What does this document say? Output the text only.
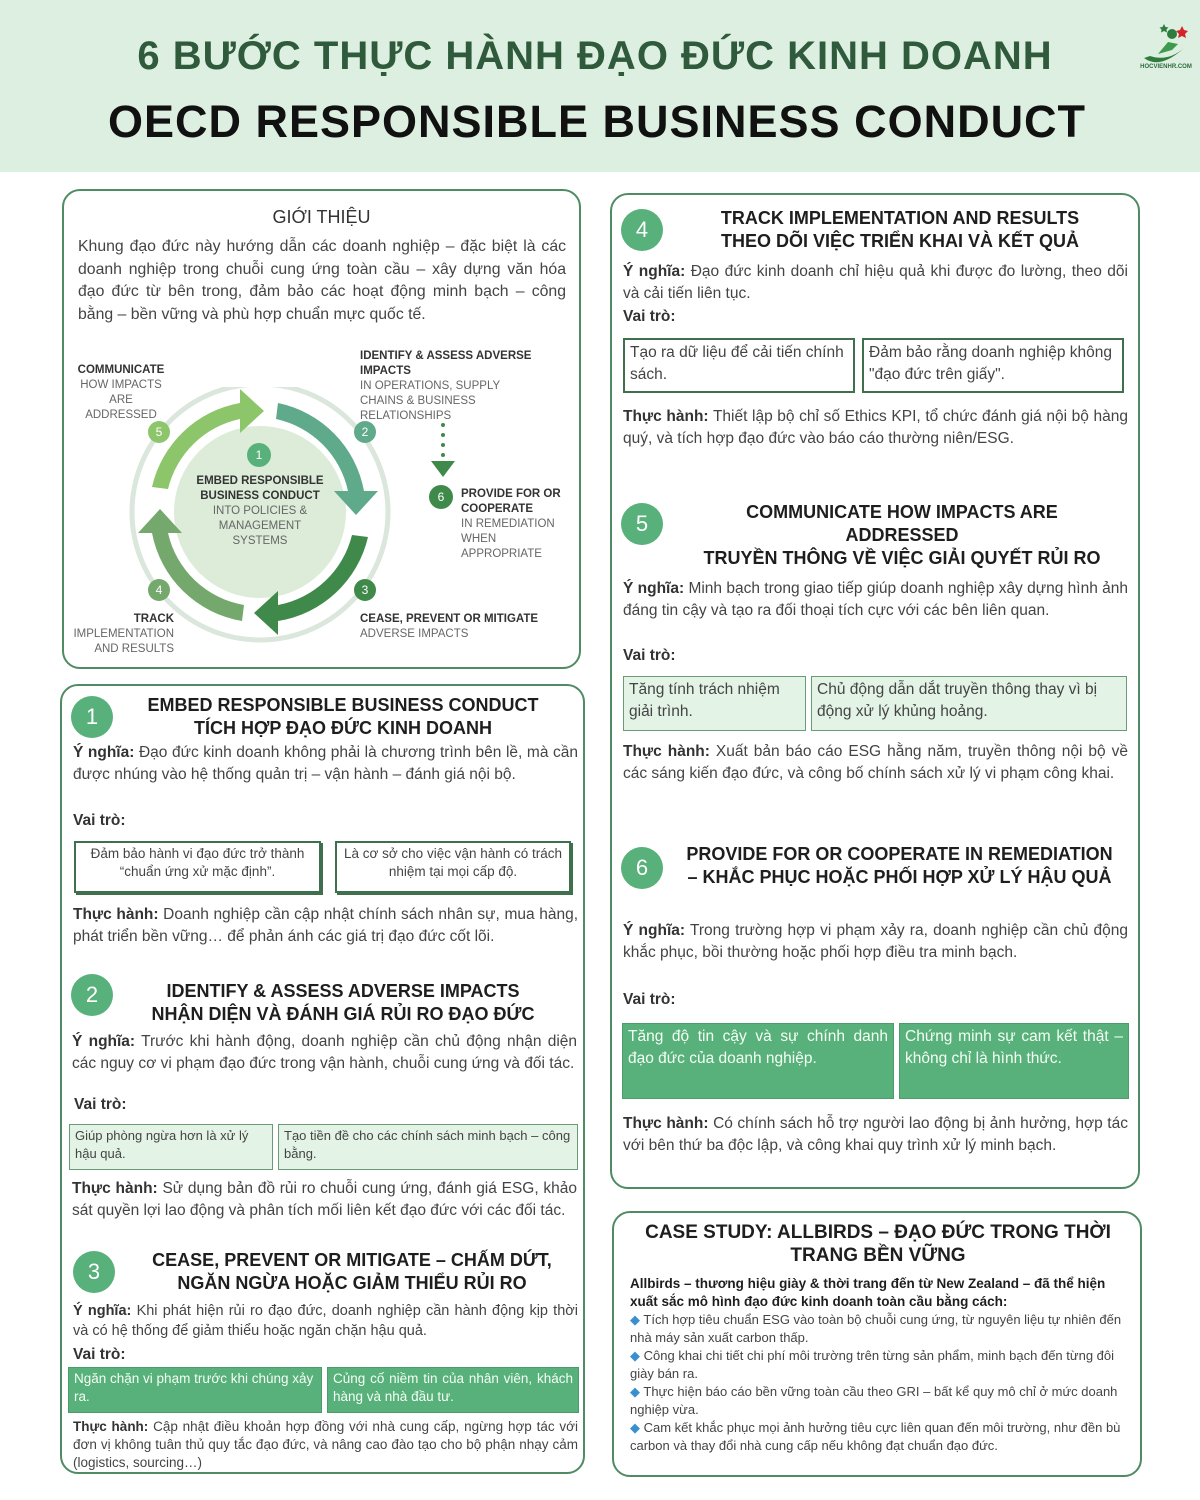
6 BƯỚC THỰC HÀNH ĐẠO ĐỨC KINH DOANH
OECD RESPONSIBLE BUSINESS CONDUCT
HOCVIENHR.COM
GIỚI THIỆU
Khung đạo đức này hướng dẫn các doanh nghiệp – đặc biệt là các doanh nghiệp trong chuỗi cung ứng toàn cầu – xây dựng văn hóa đạo đức từ bên trong, đảm bảo các hoạt động minh bạch – công bằng – bền vững và phù hợp chuẩn mực quốc tế.
1
2
3
4
5
EMBED RESPONSIBLE BUSINESS CONDUCT
INTO POLICIES & MANAGEMENT SYSTEMS
IDENTIFY & ASSESS ADVERSE IMPACTS
IN OPERATIONS, SUPPLY CHAINS & BUSINESS RELATIONSHIPS
6	PROVIDE FOR OR COOPERATE
IN REMEDIATION WHEN APPROPRIATE
CEASE, PREVENT OR MITIGATE
ADVERSE IMPACTS
TRACK
IMPLEMENTATION AND RESULTS
COMMUNICATE
HOW IMPACTS ARE ADDRESSED
1	EMBED RESPONSIBLE BUSINESS CONDUCT
TÍCH HỢP ĐẠO ĐỨC KINH DOANH
Ý nghĩa: Đạo đức kinh doanh không phải là chương trình bên lề, mà cần được nhúng vào hệ thống quản trị – vận hành – đánh giá nội bộ.
Vai trò:
Đảm bảo hành vi đạo đức trở thành “chuẩn ứng xử mặc định”.
Là cơ sở cho việc vận hành có trách nhiệm tại mọi cấp độ.
Thực hành: Doanh nghiệp cần cập nhật chính sách nhân sự, mua hàng, phát triển bền vững… để phản ánh các giá trị đạo đức cốt lõi.
2	IDENTIFY & ASSESS ADVERSE IMPACTS
NHẬN DIỆN VÀ ĐÁNH GIÁ RỦI RO ĐẠO ĐỨC
Ý nghĩa: Trước khi hành động, doanh nghiệp cần chủ động nhận diện các nguy cơ vi phạm đạo đức trong vận hành, chuỗi cung ứng và đối tác.
Vai trò:
Giúp phòng ngừa hơn là xử lý hậu quả.
Tạo tiền đề cho các chính sách minh bạch – công bằng.
Thực hành: Sử dụng bản đồ rủi ro chuỗi cung ứng, đánh giá ESG, khảo sát quyền lợi lao động và phân tích mối liên kết đạo đức với các đối tác.
3	CEASE, PREVENT OR MITIGATE – CHẤM DỨT,
NGĂN NGỪA HOẶC GIẢM THIỂU RỦI RO
Ý nghĩa: Khi phát hiện rủi ro đạo đức, doanh nghiệp cần hành động kịp thời và có hệ thống để giảm thiểu hoặc ngăn chặn hậu quả.
Vai trò:
Ngăn chặn vi phạm trước khi chúng xảy ra.
Củng cố niềm tin của nhân viên, khách hàng và nhà đầu tư.
Thực hành: Cập nhật điều khoản hợp đồng với nhà cung cấp, ngừng hợp tác với đơn vị không tuân thủ quy tắc đạo đức, và nâng cao đào tạo cho bộ phận nhạy cảm (logistics, sourcing…)
4	TRACK IMPLEMENTATION AND RESULTS
THEO DÕI VIỆC TRIỂN KHAI VÀ KẾT QUẢ
Ý nghĩa: Đạo đức kinh doanh chỉ hiệu quả khi được đo lường, theo dõi và cải tiến liên tục.
Vai trò:
Tạo ra dữ liệu để cải tiến chính sách.
Đảm bảo rằng doanh nghiệp không "đạo đức trên giấy".
Thực hành: Thiết lập bộ chỉ số Ethics KPI, tổ chức đánh giá nội bộ hàng quý, và tích hợp đạo đức vào báo cáo thường niên/ESG.
5	COMMUNICATE HOW IMPACTS ARE ADDRESSED
TRUYỀN THÔNG VỀ VIỆC GIẢI QUYẾT RỦI RO
Ý nghĩa: Minh bạch trong giao tiếp giúp doanh nghiệp xây dựng hình ảnh đáng tin cậy và tạo ra đối thoại tích cực với các bên liên quan.
Vai trò:
Tăng tính trách nhiệm giải trình.
Chủ động dẫn dắt truyền thông thay vì bị động xử lý khủng hoảng.
Thực hành: Xuất bản báo cáo ESG hằng năm, truyền thông nội bộ về các sáng kiến đạo đức, và công bố chính sách xử lý vi phạm công khai.
6
PROVIDE FOR OR COOPERATE IN REMEDIATION – KHẮC PHỤC HOẶC PHỐI HỢP XỬ LÝ HẬU QUẢ
Ý nghĩa: Trong trường hợp vi phạm xảy ra, doanh nghiệp cần chủ động khắc phục, bồi thường hoặc phối hợp điều tra minh bạch.
Vai trò:
Tăng độ tin cậy và sự chính danh đạo đức của doanh nghiệp.
Chứng minh sự cam kết thật – không chỉ là hình thức.
Thực hành: Có chính sách hỗ trợ người lao động bị ảnh hưởng, hợp tác với bên thứ ba độc lập, và công khai quy trình xử lý minh bạch.
CASE STUDY: ALLBIRDS – ĐẠO ĐỨC TRONG THỜI TRANG BỀN VỮNG
Allbirds – thương hiệu giày & thời trang đến từ New Zealand – đã thể hiện xuất sắc mô hình đạo đức kinh doanh toàn cầu bằng cách:
◆ Tích hợp tiêu chuẩn ESG vào toàn bộ chuỗi cung ứng, từ nguyên liệu tự nhiên đến nhà máy sản xuất carbon thấp.
◆ Công khai chi tiết chi phí môi trường trên từng sản phẩm, minh bạch đến từng đôi giày bán ra.
◆ Thực hiện báo cáo bền vững toàn cầu theo GRI – bất kể quy mô chỉ ở mức doanh nghiệp vừa.
◆ Cam kết khắc phục mọi ảnh hưởng tiêu cực liên quan đến môi trường, như đền bù carbon và thay đổi nhà cung cấp nếu không đạt chuẩn đạo đức.
